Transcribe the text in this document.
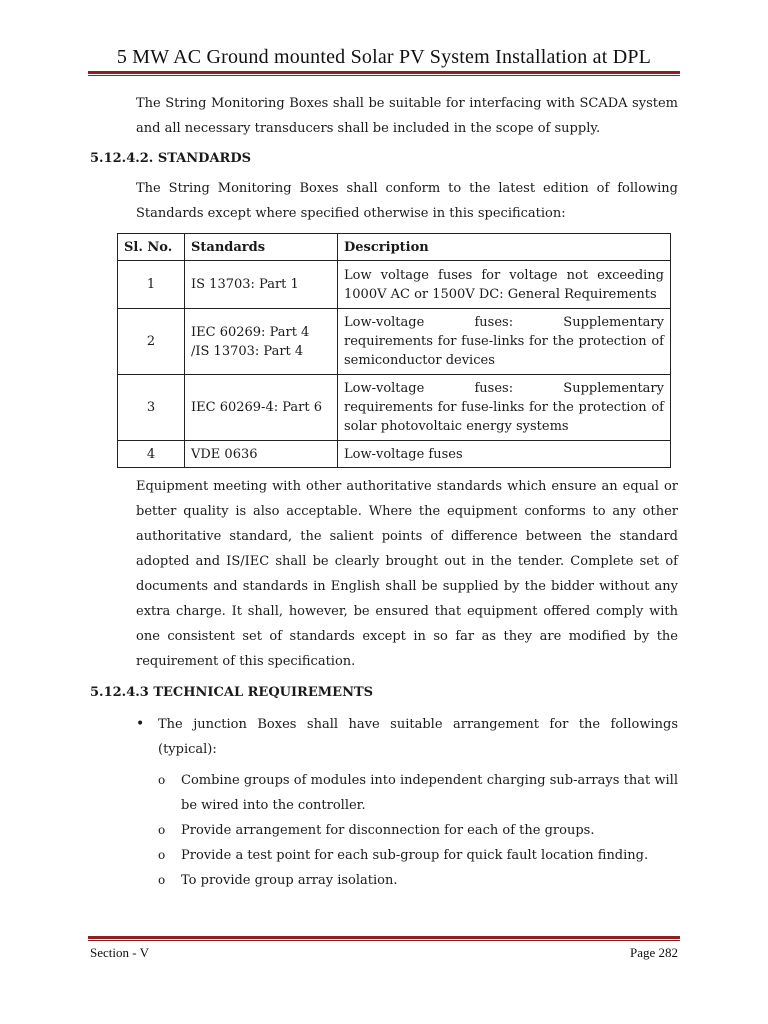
5 MW AC Ground mounted Solar PV System Installation at DPL

The String Monitoring Boxes shall be suitable for interfacing with SCADA system and all necessary transducers shall be included in the scope of supply.

5.12.4.2. STANDARDS

The String Monitoring Boxes shall conform to the latest edition of following Standards except where specified otherwise in this specification:

Sl. No.	Standards	Description
1	IS 13703: Part 1	Low voltage fuses for voltage not exceeding 1000V AC or 1500V DC: General Requirements
2	IEC 60269: Part 4 /IS 13703: Part 4	Low-voltage fuses: Supplementary requirements for fuse-links for the protection of semiconductor devices
3	IEC 60269-4: Part 6	Low-voltage fuses: Supplementary requirements for fuse-links for the protection of solar photovoltaic energy systems
4	VDE 0636	Low-voltage fuses

Equipment meeting with other authoritative standards which ensure an equal or better quality is also acceptable. Where the equipment conforms to any other authoritative standard, the salient points of difference between the standard adopted and IS/IEC shall be clearly brought out in the tender. Complete set of documents and standards in English shall be supplied by the bidder without any extra charge. It shall, however, be ensured that equipment offered comply with one consistent set of standards except in so far as they are modified by the requirement of this specification.

5.12.4.3 TECHNICAL REQUIREMENTS

• The junction Boxes shall have suitable arrangement for the followings (typical):
o Combine groups of modules into independent charging sub-arrays that will be wired into the controller.
o Provide arrangement for disconnection for each of the groups.
o Provide a test point for each sub-group for quick fault location finding.
o To provide group array isolation.
Section - V	Page 282
